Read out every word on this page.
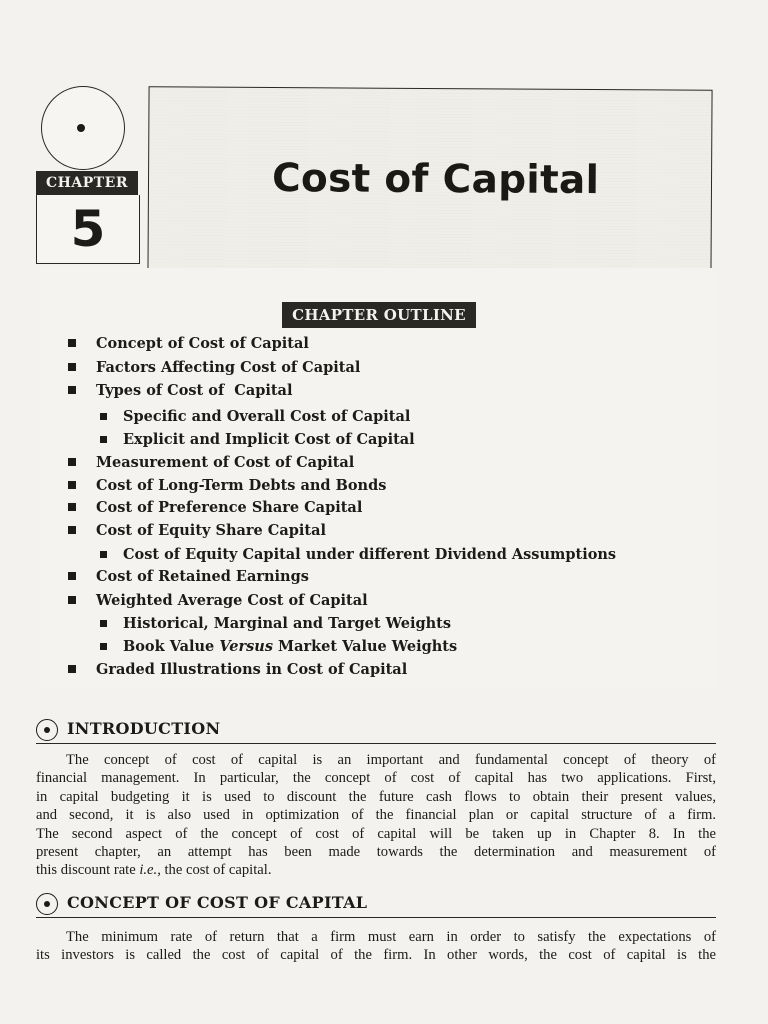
CHAPTER
5
Cost of Capital
CHAPTER OUTLINE
Concept of Cost of Capital
Factors Affecting Cost of Capital
Types of Cost of  Capital
Specific and Overall Cost of Capital
Explicit and Implicit Cost of Capital
Measurement of Cost of Capital
Cost of Long-Term Debts and Bonds
Cost of Preference Share Capital
Cost of Equity Share Capital
Cost of Equity Capital under different Dividend Assumptions
Cost of Retained Earnings
Weighted Average Cost of Capital
Historical, Marginal and Target Weights
Book Value Versus Market Value Weights
Graded Illustrations in Cost of Capital
INTRODUCTION
The concept of cost of capital is an important and fundamental concept of theory of
financial management. In particular, the concept of cost of capital has two applications. First,
in capital budgeting it is used to discount the future cash flows to obtain their present values,
and second, it is also used in optimization of the financial plan or capital structure of a firm.
The second aspect of the concept of cost of capital will be taken up in Chapter 8. In the
present chapter, an attempt has been made towards the determination and measurement of
this discount rate i.e., the cost of capital.
CONCEPT OF COST OF CAPITAL
The minimum rate of return that a firm must earn in order to satisfy the expectations of
its investors is called the cost of capital of the firm. In other words, the cost of capital is the
